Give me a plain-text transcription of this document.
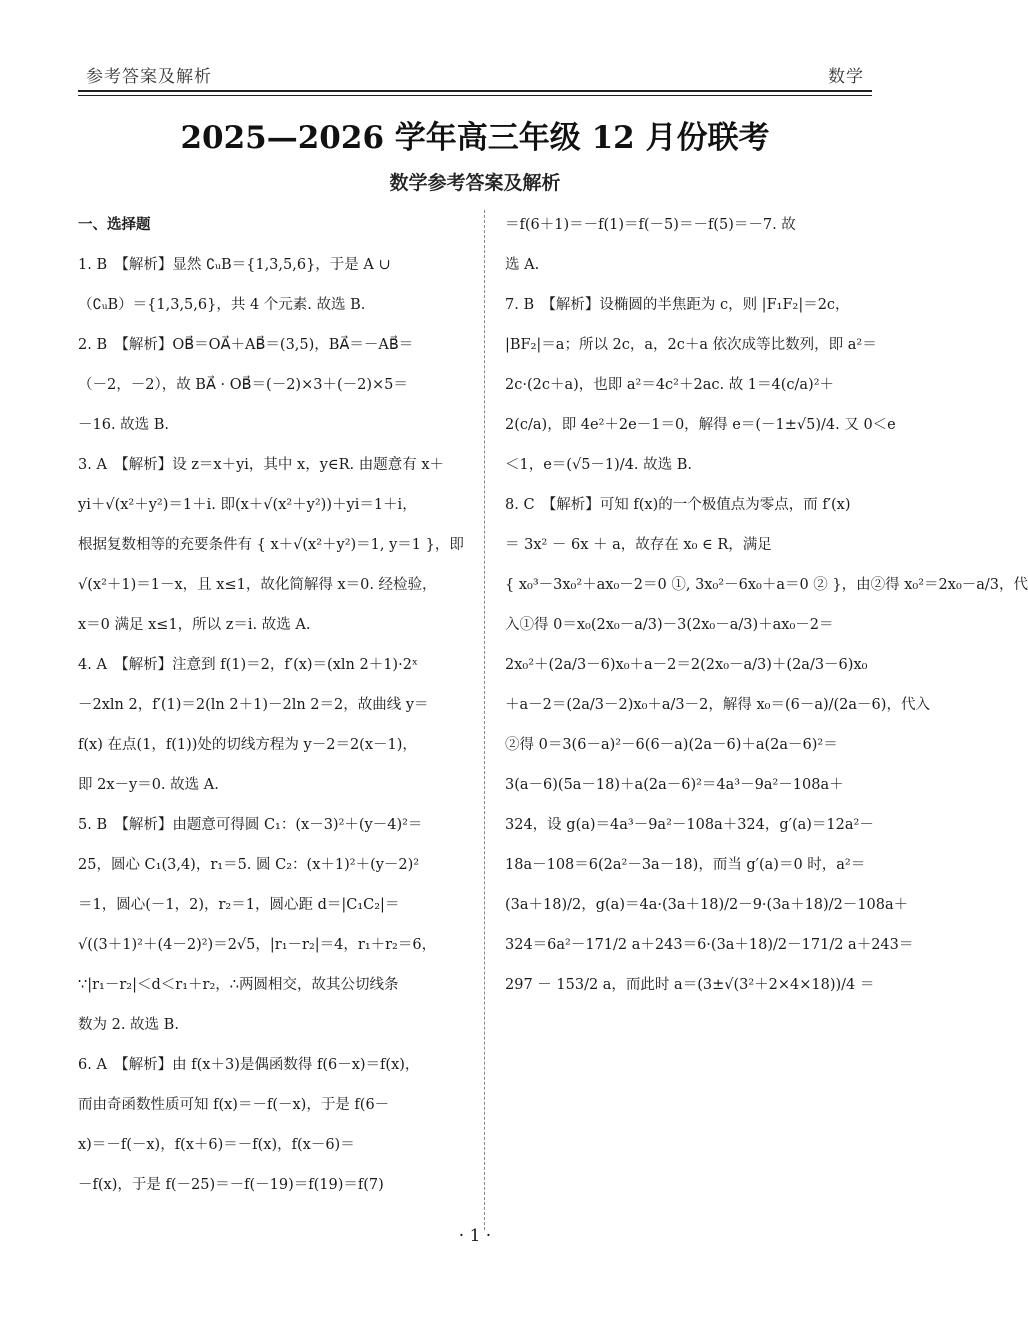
参考答案及解析	数学
2025—2026 学年高三年级 12 月份联考
数学参考答案及解析
一、选择题
1. B　【解析】显然 ∁ᵤB＝{1,3,5,6}，于是 A ∪
（∁ᵤB）＝{1,3,5,6}，共 4 个元素. 故选 B.
2. B　【解析】OB⃗＝OA⃗＋AB⃗＝(3,5)，BA⃗＝－AB⃗＝
（－2，－2），故 BA⃗ · OB⃗＝(－2)×3＋(－2)×5＝
－16. 故选 B.
3. A　【解析】设 z＝x＋yi，其中 x，y∈R. 由题意有 x＋
yi＋√(x²＋y²)＝1＋i. 即(x＋√(x²＋y²))＋yi＝1＋i，
根据复数相等的充要条件有 { x＋√(x²＋y²)＝1, y＝1 }，即
√(x²＋1)＝1－x，且 x≤1，故化简解得 x＝0. 经检验，
x＝0 满足 x≤1，所以 z＝i. 故选 A.
4. A　【解析】注意到 f(1)＝2，f′(x)＝(xln 2＋1)·2ˣ
－2xln 2，f′(1)＝2(ln 2＋1)－2ln 2＝2，故曲线 y＝
f(x) 在点(1，f(1))处的切线方程为 y－2＝2(x－1)，
即 2x－y＝0. 故选 A.
5. B　【解析】由题意可得圆 C₁：(x－3)²＋(y－4)²＝
25，圆心 C₁(3,4)，r₁＝5. 圆 C₂：(x＋1)²＋(y－2)²
＝1，圆心(－1，2)，r₂＝1，圆心距 d＝|C₁C₂|＝
√((3＋1)²＋(4－2)²)＝2√5，|r₁－r₂|＝4，r₁＋r₂＝6，
∵|r₁－r₂|＜d＜r₁＋r₂，∴两圆相交，故其公切线条
数为 2. 故选 B.
6. A　【解析】由 f(x＋3)是偶函数得 f(6－x)＝f(x)，
而由奇函数性质可知 f(x)＝－f(－x)，于是 f(6－
x)＝－f(－x)，f(x＋6)＝－f(x)，f(x－6)＝
－f(x)，于是 f(－25)＝－f(－19)＝f(19)＝f(7)
＝f(6＋1)＝－f(1)＝f(－5)＝－f(5)＝－7. 故
选 A.
7. B　【解析】设椭圆的半焦距为 c，则 |F₁F₂|＝2c，
|BF₂|＝a；所以 2c，a，2c＋a 依次成等比数列，即 a²＝
2c·(2c＋a)，也即 a²＝4c²＋2ac. 故 1＝4(c/a)²＋
2(c/a)，即 4e²＋2e－1＝0，解得 e＝(－1±√5)/4. 又 0＜e
＜1，e＝(√5－1)/4. 故选 B.
8. C　【解析】可知 f(x)的一个极值点为零点，而 f′(x)
＝ 3x² － 6x ＋ a，故存在 x₀ ∈ R，满足
{ x₀³－3x₀²＋ax₀－2＝0 ①, 3x₀²－6x₀＋a＝0 ② }，由②得 x₀²＝2x₀－a/3，代
入①得 0＝x₀(2x₀－a/3)－3(2x₀－a/3)＋ax₀－2＝
2x₀²＋(2a/3－6)x₀＋a－2＝2(2x₀－a/3)＋(2a/3－6)x₀
＋a－2＝(2a/3－2)x₀＋a/3－2，解得 x₀＝(6－a)/(2a－6)，代入
②得 0＝3(6－a)²－6(6－a)(2a－6)＋a(2a－6)²＝
3(a－6)(5a－18)＋a(2a－6)²＝4a³－9a²－108a＋
324，设 g(a)＝4a³－9a²－108a＋324，g′(a)＝12a²－
18a－108＝6(2a²－3a－18)，而当 g′(a)＝0 时，a²＝
(3a＋18)/2，g(a)＝4a·(3a＋18)/2－9·(3a＋18)/2－108a＋
324＝6a²－171/2 a＋243＝6·(3a＋18)/2－171/2 a＋243＝
297 － 153/2 a，而此时 a＝(3±√(3²＋2×4×18))/4 ＝
· 1 ·
